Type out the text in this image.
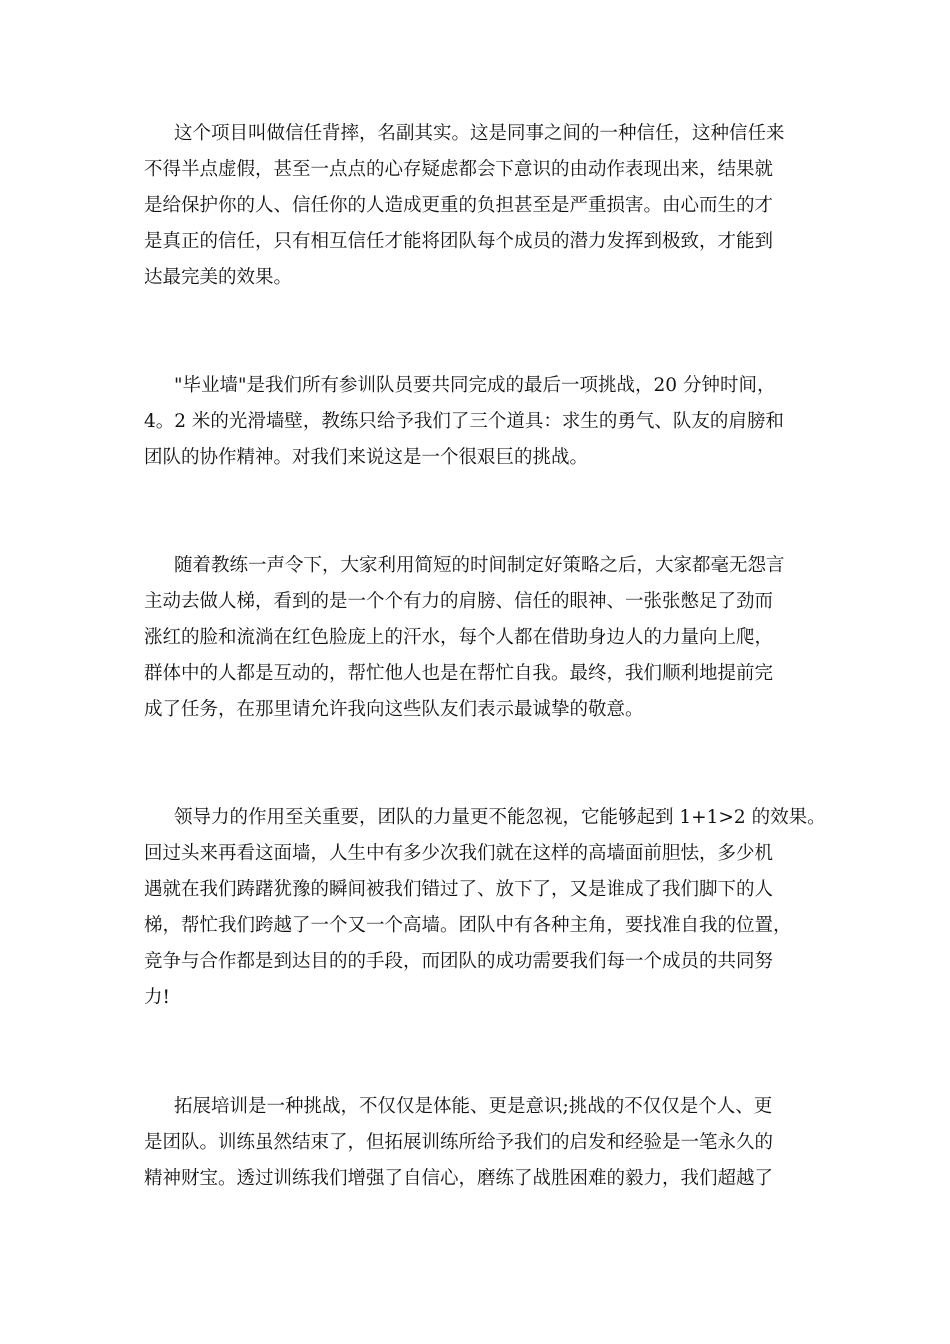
这个项目叫做信任背摔，名副其实。这是同事之间的一种信任，这种信任来
不得半点虚假，甚至一点点的心存疑虑都会下意识的由动作表现出来，结果就
是给保护你的人、信任你的人造成更重的负担甚至是严重损害。由心而生的才
是真正的信任，只有相互信任才能将团队每个成员的潜力发挥到极致，才能到
达最完美的效果。
"毕业墙"是我们所有参训队员要共同完成的最后一项挑战，20 分钟时间，
4。2 米的光滑墙壁，教练只给予我们了三个道具：求生的勇气、队友的肩膀和
团队的协作精神。对我们来说这是一个很艰巨的挑战。
随着教练一声令下，大家利用简短的时间制定好策略之后，大家都毫无怨言
主动去做人梯，看到的是一个个有力的肩膀、信任的眼神、一张张憋足了劲而
涨红的脸和流淌在红色脸庞上的汗水，每个人都在借助身边人的力量向上爬，
群体中的人都是互动的，帮忙他人也是在帮忙自我。最终，我们顺利地提前完
成了任务，在那里请允许我向这些队友们表示最诚挚的敬意。
领导力的作用至关重要，团队的力量更不能忽视，它能够起到 1+1>2 的效果。
回过头来再看这面墙，人生中有多少次我们就在这样的高墙面前胆怯，多少机
遇就在我们踌躇犹豫的瞬间被我们错过了、放下了，又是谁成了我们脚下的人
梯，帮忙我们跨越了一个又一个高墙。团队中有各种主角，要找准自我的位置，
竞争与合作都是到达目的的手段，而团队的成功需要我们每一个成员的共同努
力!
拓展培训是一种挑战，不仅仅是体能、更是意识;挑战的不仅仅是个人、更
是团队。训练虽然结束了，但拓展训练所给予我们的启发和经验是一笔永久的
精神财宝。透过训练我们增强了自信心，磨练了战胜困难的毅力，我们超越了
